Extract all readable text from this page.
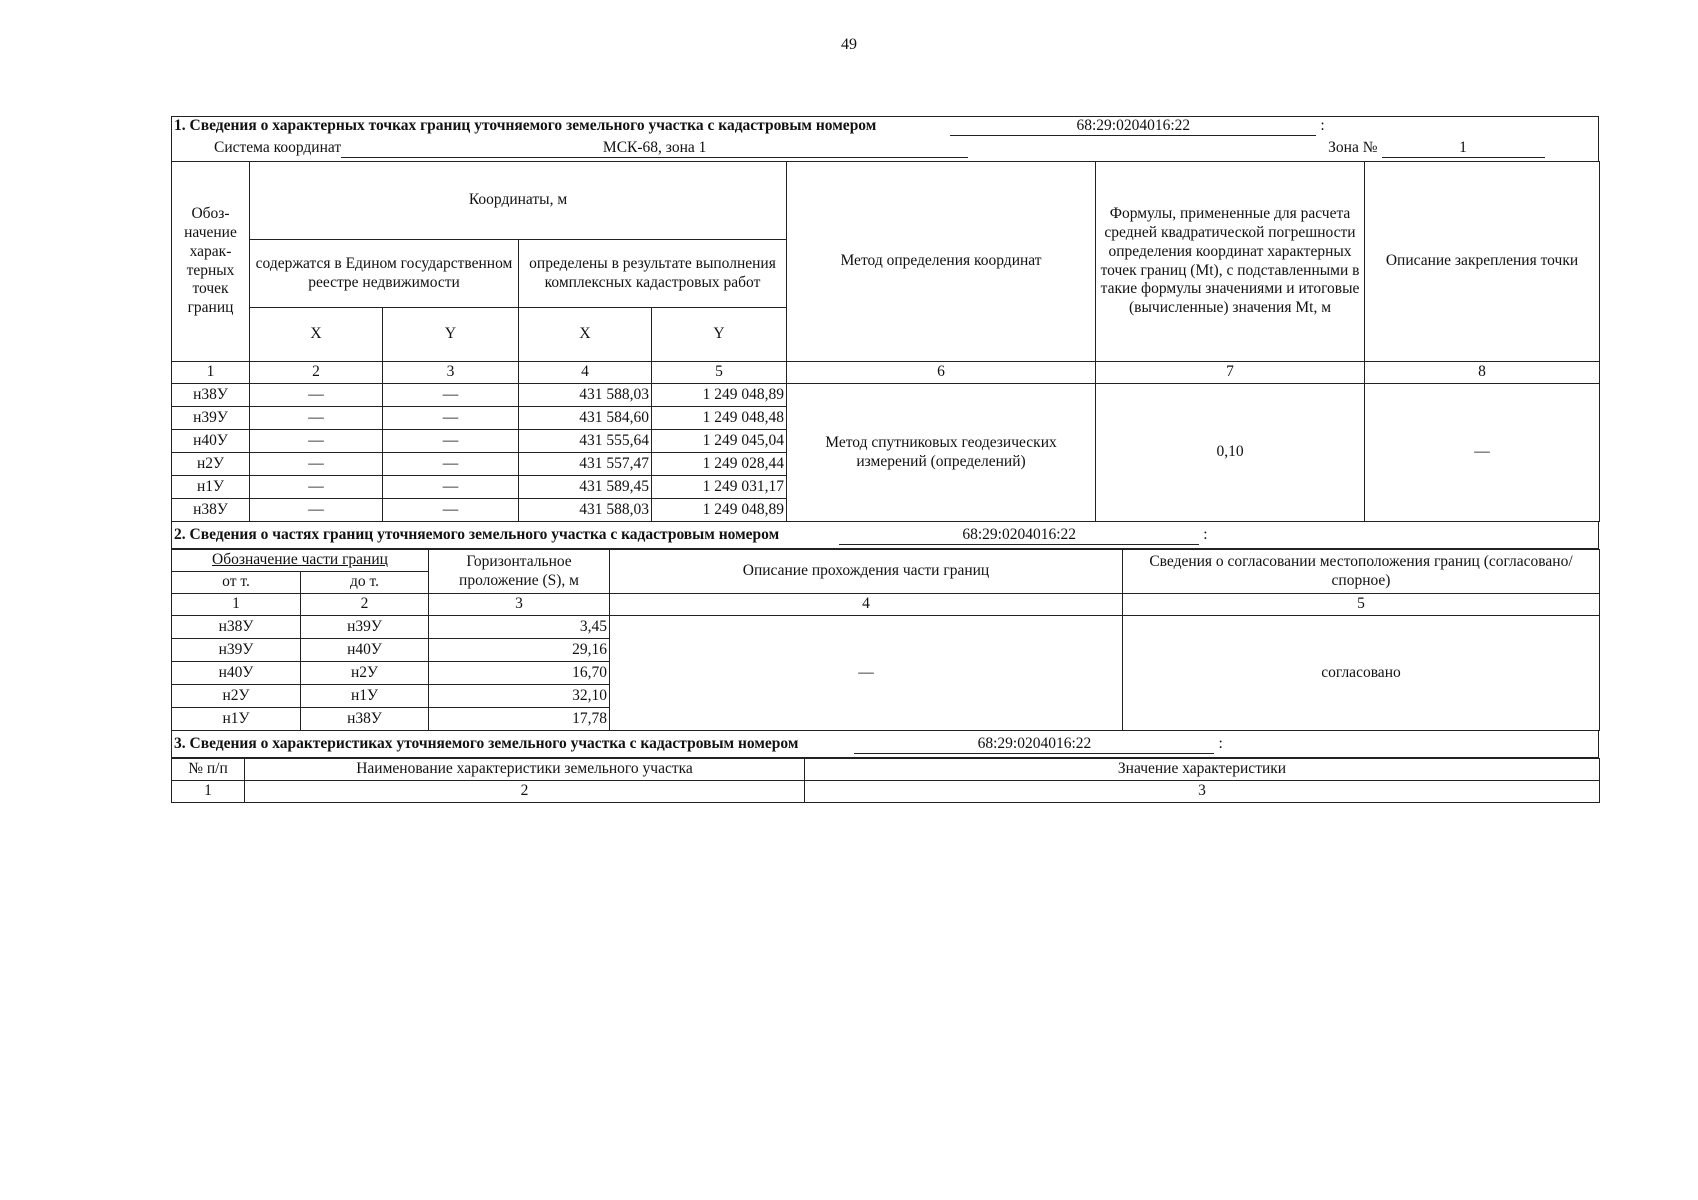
49
1. Сведения о характерных точках границ уточняемого земельного участка с кадастровым номером	68:29:0204016:22	:
Система координат	МСК-68, зона 1	Зона №	1
Обоз- начение харак- терных точек границ	Координаты, м				Метод определения координат	Формулы, примененные для расчета средней квадратической погрешности определения координат характерных точек границ (Mt), с подставленными в такие формулы значениями и итоговые (вычисленные) значения Mt, м	Описание закрепления точки
	содержатся в Едином государственном реестре недвижимости		определены в результате выполнения комплексных кадастровых работ				
	X	Y	X	Y			
1	2	3	4	5	6	7	8
н38У	—	—	431 588,03	1 249 048,89	Метод спутниковых геодезических измерений (определений)	0,10	—
н39У	—	—	431 584,60	1 249 048,48			
н40У	—	—	431 555,64	1 249 045,04			
н2У	—	—	431 557,47	1 249 028,44			
н1У	—	—	431 589,45	1 249 031,17			
н38У	—	—	431 588,03	1 249 048,89			
2. Сведения о частях границ уточняемого земельного участка с кадастровым номером	68:29:0204016:22	:
Обозначение части границ		Горизонтальное проложение (S), м	Описание прохождения части границ	Сведения о согласовании местоположения границ (согласовано/спорное)
от т.	до т.			
1	2	3	4	5
н38У	н39У	3,45	—	согласовано
н39У	н40У	29,16		
н40У	н2У	16,70		
н2У	н1У	32,10		
н1У	н38У	17,78		
3. Сведения о характеристиках уточняемого земельного участка с кадастровым номером	68:29:0204016:22	:
№ п/п	Наименование характеристики земельного участка	Значение характеристики
1	2	3
